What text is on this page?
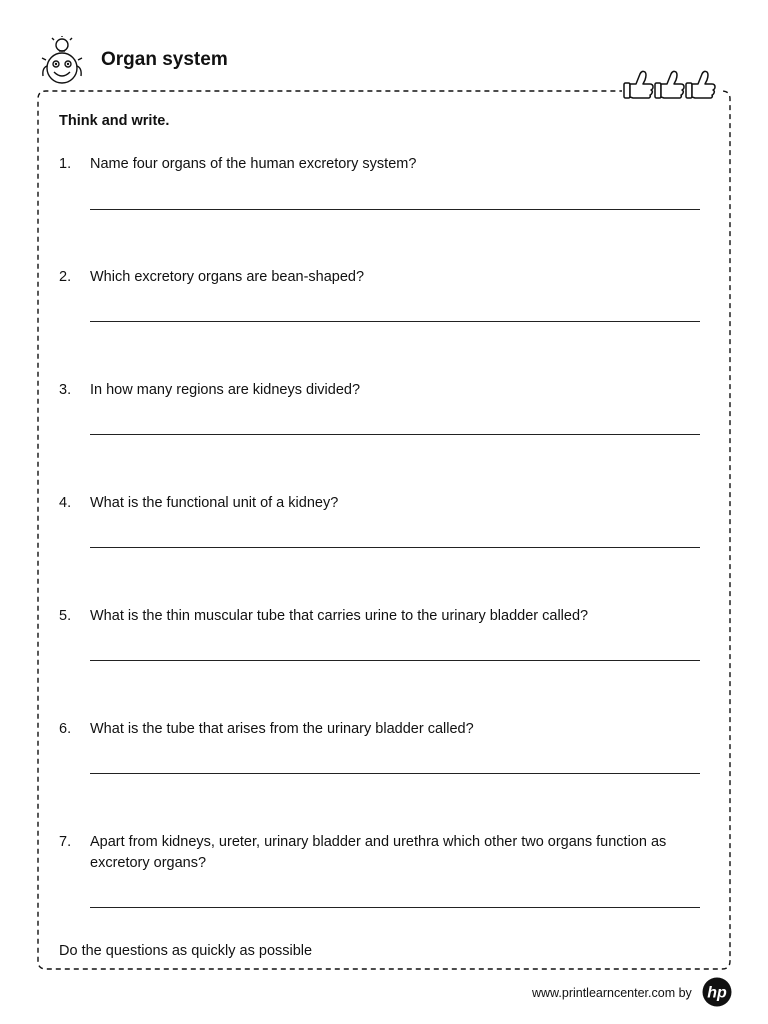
Organ system
Think and write.
1. Name four organs of the human excretory system?
2. Which excretory organs are bean-shaped?
3. In how many regions are kidneys divided?
4. What is the functional unit of a kidney?
5. What is the thin muscular tube that carries urine to the urinary bladder called?
6. What is the tube that arises from the urinary bladder called?
7. Apart from kidneys, ureter, urinary bladder and urethra which other two organs function as excretory organs?
Do the questions as quickly as possible
www.printlearncenter.com by hp
